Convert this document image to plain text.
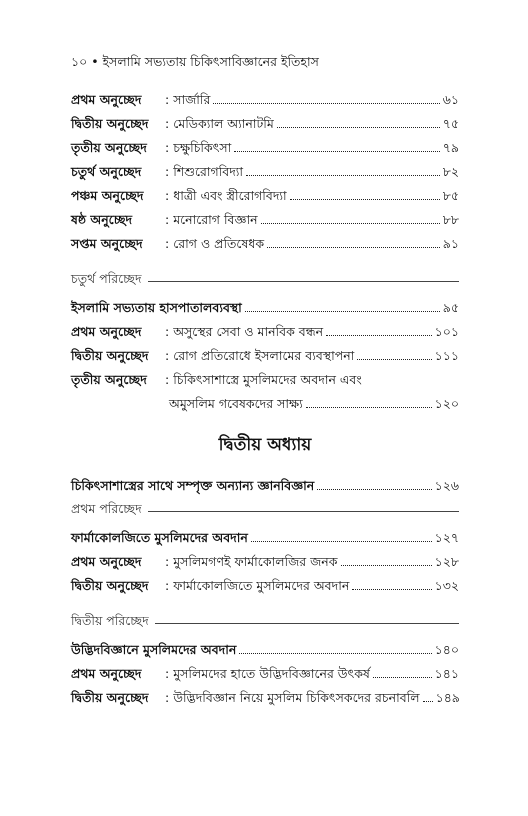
১০ • ইসলামি সভ্যতায় চিকিৎসাবিজ্ঞানের ইতিহাস
প্রথম অনুচ্ছেদ	: সার্জারি	৬১
দ্বিতীয় অনুচ্ছেদ	: মেডিক্যাল অ্যানাটমি	৭৫
তৃতীয় অনুচ্ছেদ	: চক্ষুচিকিৎসা	৭৯
চতুর্থ অনুচ্ছেদ	: শিশুরোগবিদ্যা	৮২
পঞ্চম অনুচ্ছেদ	: ধাত্রী এবং স্ত্রীরোগবিদ্যা	৮৫
ষষ্ঠ অনুচ্ছেদ	: মনোরোগ বিজ্ঞান	৮৮
সপ্তম অনুচ্ছেদ	: রোগ ও প্রতিষেধক	৯১
চতুর্থ পরিচ্ছেদ
ইসলামি সভ্যতায় হাসপাতালব্যবস্থা	৯৫
প্রথম অনুচ্ছেদ	: অসুস্থের সেবা ও মানবিক বন্ধন	১০১
দ্বিতীয় অনুচ্ছেদ	: রোগ প্রতিরোধে ইসলামের ব্যবস্থাপনা	১১১
তৃতীয় অনুচ্ছেদ	: চিকিৎসাশাস্ত্রে মুসলিমদের অবদান এবং
অমুসলিম গবেষকদের সাক্ষ্য	১২০
দ্বিতীয় অধ্যায়
চিকিৎসাশাস্ত্রের সাথে সম্পৃক্ত অন্যান্য জ্ঞানবিজ্ঞান	১২৬
প্রথম পরিচ্ছেদ
ফার্মাকোলজিতে মুসলিমদের অবদান	১২৭
প্রথম অনুচ্ছেদ	: মুসলিমগণই ফার্মাকোলজির জনক	১২৮
দ্বিতীয় অনুচ্ছেদ	: ফার্মাকোলজিতে মুসলিমদের অবদান	১৩২
দ্বিতীয় পরিচ্ছেদ
উদ্ভিদবিজ্ঞানে মুসলিমদের অবদান	১৪০
প্রথম অনুচ্ছেদ	: মুসলিমদের হাতে উদ্ভিদবিজ্ঞানের উৎকর্ষ	১৪১
দ্বিতীয় অনুচ্ছেদ	: উদ্ভিদবিজ্ঞান নিয়ে মুসলিম চিকিৎসকদের রচনাবলি ১৪৯
